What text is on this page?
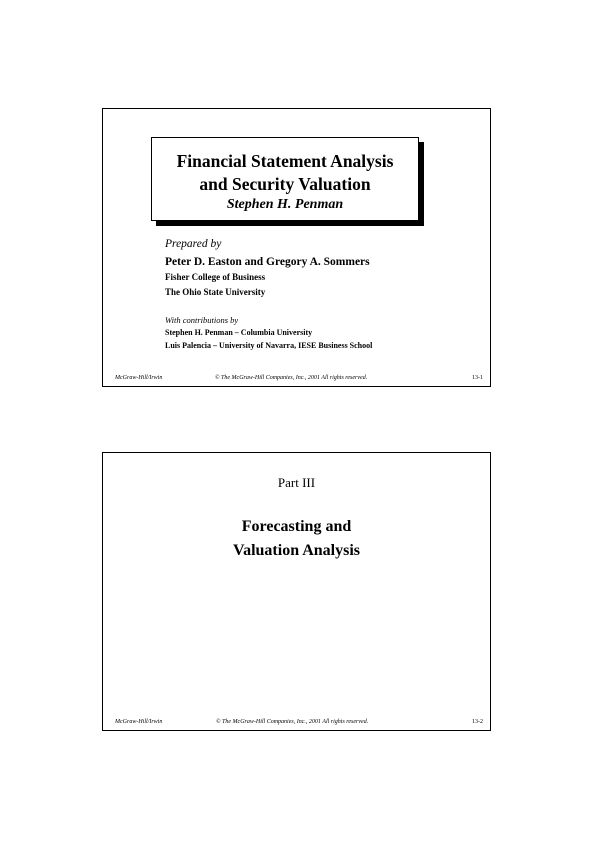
Financial Statement Analysis
and Security Valuation
Stephen H. Penman
Prepared by
Peter D. Easton and Gregory A. Sommers
Fisher College of Business
The Ohio State University
With contributions by
Stephen H. Penman – Columbia University
Luis Palencia – University of Navarra, IESE Business School
McGraw-Hill/Irwin	© The McGraw-Hill Companies, Inc., 2001 All rights reserved.	13-1
Part III
Forecasting and
Valuation Analysis
McGraw-Hill/Irwin	© The McGraw-Hill Companies, Inc., 2001 All rights reserved.	13-2
